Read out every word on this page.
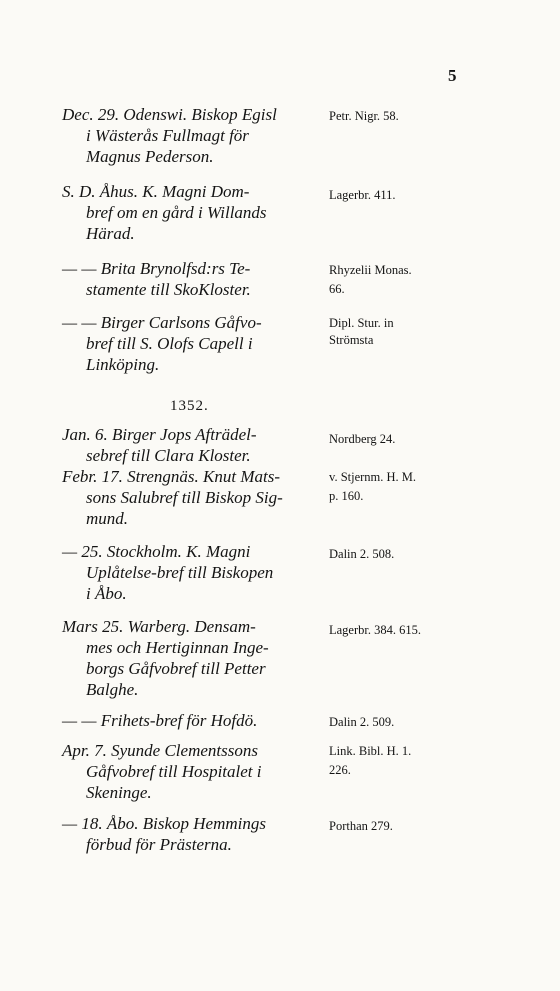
5
Dec. 29. Odenswi. Biskop Egisl
i Wästerås Fullmagt för
Magnus Pederson.
Petr. Nigr. 58.
S. D. Åhus. K. Magni Dom-
bref om en gård i Willands
Härad.
Lagerbr. 411.
— — Brita Brynolfsd:rs Te-
stamente till SkoKloster.
Rhyzelii Monas.
66.
— — Birger Carlsons Gåfvo-
bref till S. Olofs Capell i
Linköping.
Dipl. Stur. in
Strömsta
1352.
Jan. 6. Birger Jops Afträdel-
sebref till Clara Kloster.
Nordberg 24.
Febr. 17. Strengnäs. Knut Mats-
sons Salubref till Biskop Sig-
mund.
v. Stjernm. H. M.
p. 160.
— 25. Stockholm. K. Magni
Uplåtelse-bref till Biskopen
i Åbo.
Dalin 2. 508.
Mars 25. Warberg. Densam-
mes och Hertiginnan Inge-
borgs Gåfvobref till Petter
Balghe.
Lagerbr. 384. 615.
— — Frihets-bref för Hofdö.	Dalin 2. 509.
Apr. 7. Syunde Clementssons
Gåfvobref till Hospitalet i
Skeninge.
Link. Bibl. H. 1.
226.
— 18. Åbo. Biskop Hemmings
förbud för Prästerna.
Porthan 279.
